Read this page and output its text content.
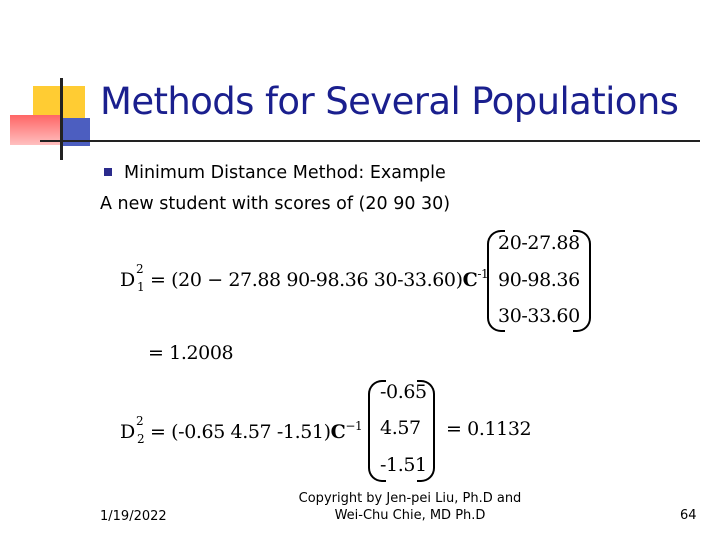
Methods for Several Populations
Minimum Distance Method: Example
A new student with scores of (20 90 30)
D 2
1 = (20 − 27.88 90-98.36 $30-33.60)C^{-1}$
20-27.88
90-98.36
30-33.60
= 1.2008
D 2
2 = (-0.65 4.57 $-1.51)C^{-1}$
-0.65
4.57
-1.51
= 0.1132
1/19/2022
Copyright by Jen-pei Liu, Ph.D and
Wei-Chu Chie, MD Ph.D	64
